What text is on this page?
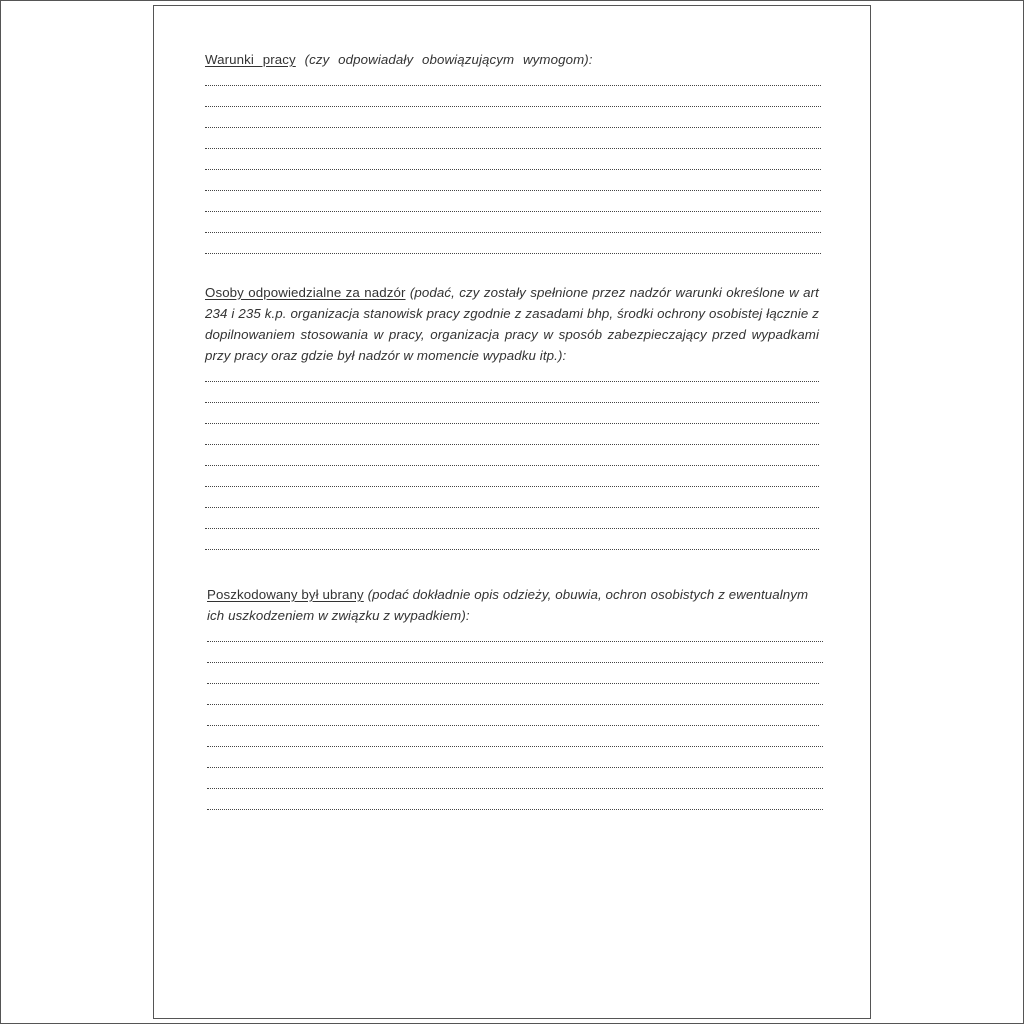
Warunki pracy (czy odpowiadały obowiązującym wymogom):

Osoby odpowiedzialne za nadzór (podać, czy zostały spełnione przez nadzór warunki określone w art 234 i 235 k.p. organizacja stanowisk pracy zgodnie z zasadami bhp, środki ochrony osobistej łącznie z dopilnowaniem stosowania w pracy, organizacja pracy w sposób zabezpieczający przed wypadkami przy pracy oraz gdzie był nadzór w momencie wypadku itp.):

Poszkodowany był ubrany (podać dokładnie opis odzieży, obuwia, ochron osobistych z ewentualnym ich uszkodzeniem w związku z wypadkiem):
